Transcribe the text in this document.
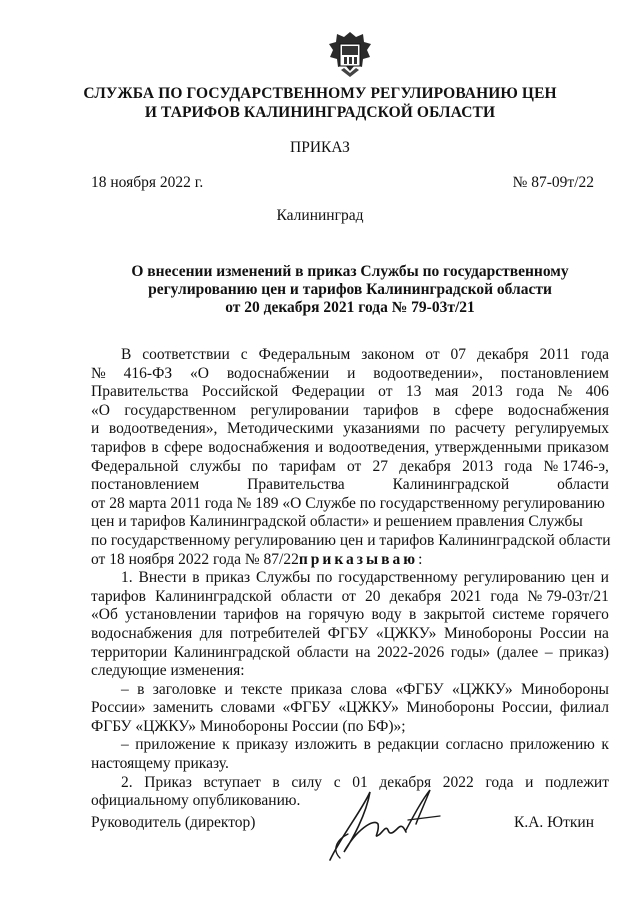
СЛУЖБА ПО ГОСУДАРСТВЕННОМУ РЕГУЛИРОВАНИЮ ЦЕН
И ТАРИФОВ КАЛИНИНГРАДСКОЙ ОБЛАСТИ
ПРИКАЗ
18 ноября 2022 г.	№ 87-09т/22
Калининград
О внесении изменений в приказ Службы по государственному
регулированию цен и тарифов Калининградской области
от 20 декабря 2021 года № 79-03т/21
В соответствии с Федеральным законом от 07 декабря 2011 года
№ 416-ФЗ «О водоснабжении и водоотведении», постановлением
Правительства Российской Федерации от 13 мая 2013 года № 406
«О государственном регулировании тарифов в сфере водоснабжения
и водоотведения», Методическими указаниями по расчету регулируемых
тарифов в сфере водоснабжения и водоотведения, утвержденными приказом
Федеральной службы по тарифам от 27 декабря 2013 года № 1746-э,
постановлением	Правительства	Калининградской	области
от 28 марта 2011 года № 189 «О Службе по государственному регулированию
цен и тарифов Калининградской области» и решением правления Службы
по государственному регулированию цен и тарифов Калининградской области
от 18 ноября 2022 года № 87/22 приказываю :
1. Внести в приказ Службы по государственному регулированию цен и
тарифов Калининградской области от 20 декабря 2021 года № 79-03т/21
«Об установлении тарифов на горячую воду в закрытой системе горячего
водоснабжения для потребителей ФГБУ «ЦЖКУ» Минобороны России на
территории Калининградской области на 2022-2026 годы» (далее – приказ)
следующие изменения:
– в заголовке и тексте приказа слова «ФГБУ «ЦЖКУ» Минобороны
России» заменить словами «ФГБУ «ЦЖКУ» Минобороны России, филиал
ФГБУ «ЦЖКУ» Минобороны России (по БФ)»;
– приложение к приказу изложить в редакции согласно приложению к
настоящему приказу.
2. Приказ вступает в силу с 01 декабря 2022 года и подлежит
официальному опубликованию.
Руководитель (директор)	К.А. Юткин
